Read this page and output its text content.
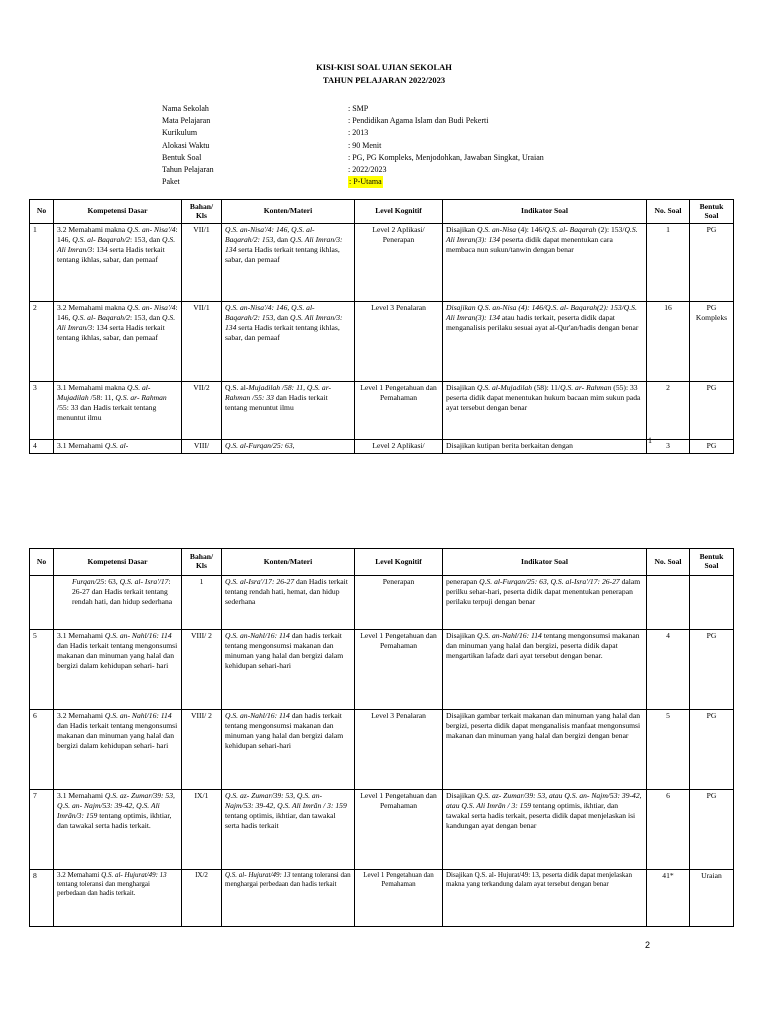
KISI-KISI SOAL UJIAN SEKOLAH
TAHUN PELAJARAN 2022/2023
Nama Sekolah	: SMP
Mata Pelajaran	: Pendidikan Agama Islam dan Budi Pekerti
Kurikulum	: 2013
Alokasi Waktu	: 90 Menit
Bentuk Soal	: PG, PG Kompleks, Menjodohkan, Jawaban Singkat, Uraian
Tahun Pelajaran	: 2022/2023
Paket	: P-Utama
No	Kompetensi Dasar	Bahan/ Kls	Konten/Materi	Level Kognitif	Indikator Soal	No. Soal	Bentuk Soal
1	3.2 Memahami makna Q.S. an- Nisa'/4: 146, Q.S. al- Baqarah/2: 153, dan Q.S. Ali Imran/3: 134 serta Hadis terkait tentang ikhlas, sabar, dan pemaaf	VII/1	Q.S. an-Nisa'/4: 146, Q.S. al- Baqarah/2: 153, dan Q.S. Ali Imran/3: 134 serta Hadis terkait tentang ikhlas, sabar, dan pemaaf	Level 2 Aplikasi/ Penerapan	Disajikan Q.S. an-Nisa (4): 146/Q.S. al- Baqarah (2): 153/Q.S. Ali Imran(3): 134 peserta didik dapat menentukan cara membaca nun sukun/tanwin dengan benar	1	PG
2	3.2 Memahami makna Q.S. an- Nisa'/4: 146, Q.S. al- Baqarah/2: 153, dan Q.S. Ali Imran/3: 134 serta Hadis terkait tentang ikhlas, sabar, dan pemaaf	VII/1	Q.S. an-Nisa'/4: 146, Q.S. al- Baqarah/2: 153, dan Q.S. Ali Imran/3: 134 serta Hadis terkait tentang ikhlas, sabar, dan pemaaf	Level 3 Penalaran	Disajikan Q.S. an-Nisa (4): 146/Q.S. al- Baqarah(2): 153/Q.S. Ali Imran(3): 134 atau hadis terkait, peserta didik dapat menganalisis perilaku sesuai ayat al-Qur'an/hadis dengan benar	16	PG Kompleks
3	3.1 Memahami makna Q.S. al- Mujadilah /58: 11, Q.S. ar- Rahman /55: 33 dan Hadis terkait tentang menuntut ilmu	VII/2	Q.S. al-Mujadilah /58: 11, Q.S. ar-Rahman /55: 33 dan Hadis terkait tentang menuntut ilmu	Level 1 Pengetahuan dan Pemahaman	Disajikan Q.S. al-Mujadilah (58): 11/Q.S. ar- Rahman (55): 33 peserta didik dapat menentukan hukum bacaan mim sukun pada ayat tersebut dengan benar	2	PG
4	3.1 Memahami Q.S. al-	VIII/	Q.S. al-Furqan/25: 63,	Level 2 Aplikasi/	Disajikan kutipan berita berkaitan dengan	3	PG
1
No	Kompetensi Dasar	Bahan/ Kls	Konten/Materi	Level Kognitif	Indikator Soal	No. Soal	Bentuk Soal
	Furqan/25: 63, Q.S. al- Isra'/17: 26-27 dan Hadis terkait tentang rendah hati, dan hidup sederhana	1	Q.S. al-Isra'/17: 26-27 dan Hadis terkait tentang rendah hati, hemat, dan hidup sederhana	Penerapan	penerapan Q.S. al-Furqan/25: 63, Q.S. al-Isra'/17: 26-27 dalam perilku sehar-hari, peserta didik dapat menentukan penerapan perilaku terpuji dengan benar		
5	3.1 Memahami Q.S. an- Nahl/16: 114 dan Hadis terkait tentang mengonsumsi makanan dan minuman yang halal dan bergizi dalam kehidupan sehari- hari	VIII/ 2	Q.S. an-Nahl/16: 114 dan hadis terkait tentang mengonsumsi makanan dan minuman yang halal dan bergizi dalam kehidupan sehari-hari	Level 1 Pengetahuan dan Pemahaman	Disajikan Q.S. an-Nahl/16: 114 tentang mengonsumsi makanan dan minuman yang halal dan bergizi, peserta didik dapat mengartikan lafadz dari ayat tersebut dengan benar.	4	PG
6	3.2 Memahami Q.S. an- Nahl/16: 114 dan Hadis terkait tentang mengonsumsi makanan dan minuman yang halal dan bergizi dalam kehidupan sehari- hari	VIII/ 2	Q.S. an-Nahl/16: 114 dan hadis terkait tentang mengonsumsi makanan dan minuman yang halal dan bergizi dalam kehidupan sehari-hari	Level 3 Penalaran	Disajikan gambar terkait makanan dan minuman yang halal dan bergizi, peserta didik dapat menganalisis manfaat mengonsumsi makanan dan minuman yang halal dan bergizi dengan benar	5	PG
7	3.1 Memahami Q.S. az- Zumar/39: 53, Q.S. an- Najm/53: 39-42, Q.S. Ali Imrān/3: 159 tentang optimis, ikhtiar, dan tawakal serta hadis terkait.	IX/1	Q.S. az- Zumar/39: 53, Q.S. an- Najm/53: 39-42, Q.S. Ali Imrān / 3: 159 tentang optimis, ikhtiar, dan tawakal serta hadis terkait	Level 1 Pengetahuan dan Pemahaman	Disajikan Q.S. az- Zumar/39: 53, atau Q.S. an- Najm/53: 39-42, atau Q.S. Ali Imrān / 3: 159 tentang optimis, ikhtiar, dan tawakal serta hadis terkait, peserta didik dapat menjelaskan isi kandungan ayat dengan benar	6	PG
8	3.2 Memahami Q.S. al- Hujurat/49: 13 tentang toleransi dan menghargai perbedaan dan hadis terkait.	IX/2	Q.S. al- Hujurat/49: 13 tentang toleransi dan menghargai perbedaan dan hadis terkait	Level 1 Pengetahuan dan Pemahaman	Disajikan Q.S. al- Hujurat/49: 13, peserta didik dapat menjelaskan makna yang terkandung dalam ayat tersebut dengan benar	41*	Uraian
2
